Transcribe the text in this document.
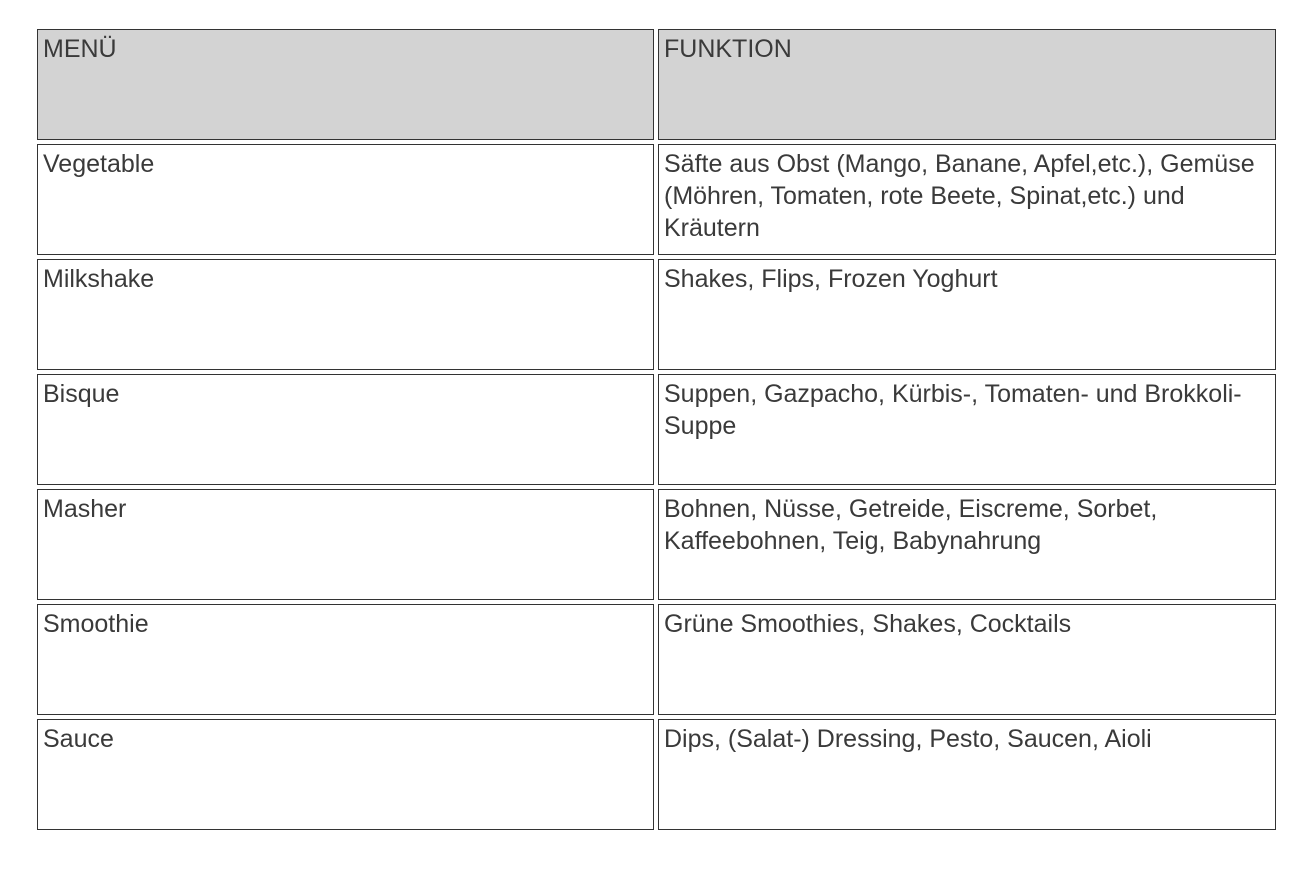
MENÜ	FUNKTION
Vegetable	Säfte aus Obst (Mango, Banane, Apfel,etc.), Gemüse (Möhren, Tomaten, rote Beete, Spinat,etc.) und Kräutern
Milkshake	Shakes, Flips, Frozen Yoghurt
Bisque	Suppen, Gazpacho, Kürbis-, Tomaten- und Brokkoli-Suppe
Masher	Bohnen, Nüsse, Getreide, Eiscreme, Sorbet, Kaffeebohnen, Teig, Babynahrung
Smoothie	Grüne Smoothies, Shakes, Cocktails
Sauce	Dips, (Salat-) Dressing, Pesto, Saucen, Aioli
